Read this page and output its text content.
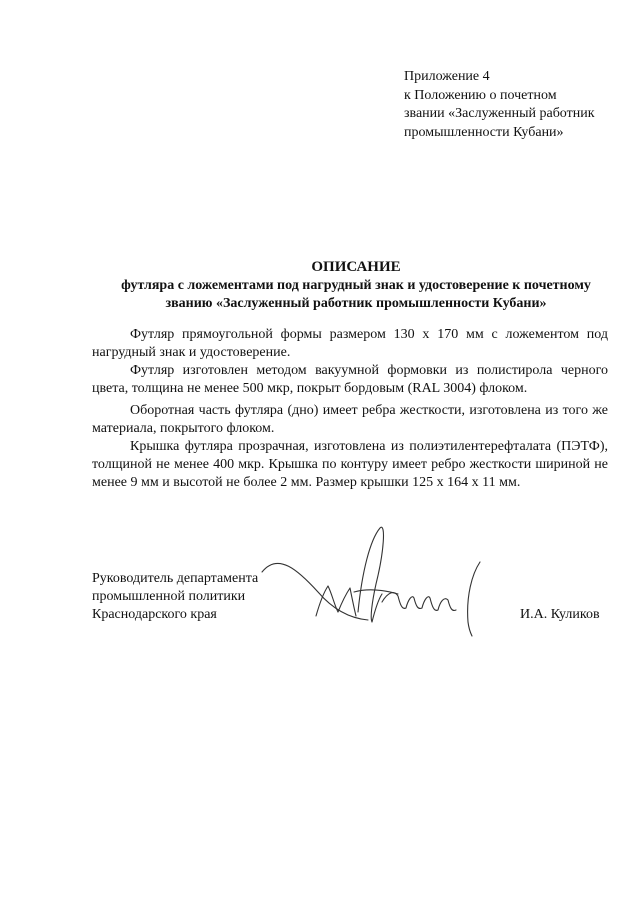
Приложение 4
к Положению о почетном
звании «Заслуженный работник
промышленности Кубани»
ОПИСАНИЕ
футляра с ложементами под нагрудный знак и удостоверение к почетному
званию «Заслуженный работник промышленности Кубани»

Футляр прямоугольной формы размером 130 х 170 мм с ложементом под нагрудный знак и удостоверение.

Футляр изготовлен методом вакуумной формовки из полистирола черного цвета, толщина не менее 500 мкр, покрыт бордовым (RAL 3004) флоком.

Оборотная часть футляра (дно) имеет ребра жесткости, изготовлена из того же материала, покрытого флоком.

Крышка футляра прозрачная, изготовлена из полиэтилентерефталата (ПЭТФ), толщиной не менее 400 мкр. Крышка по контуру имеет ребро жесткости шириной не менее 9 мм и высотой не более 2 мм. Размер крышки 125 х 164 х 11 мм.

Руководитель департамента
промышленной политики
Краснодарского края	И.А. Куликов
